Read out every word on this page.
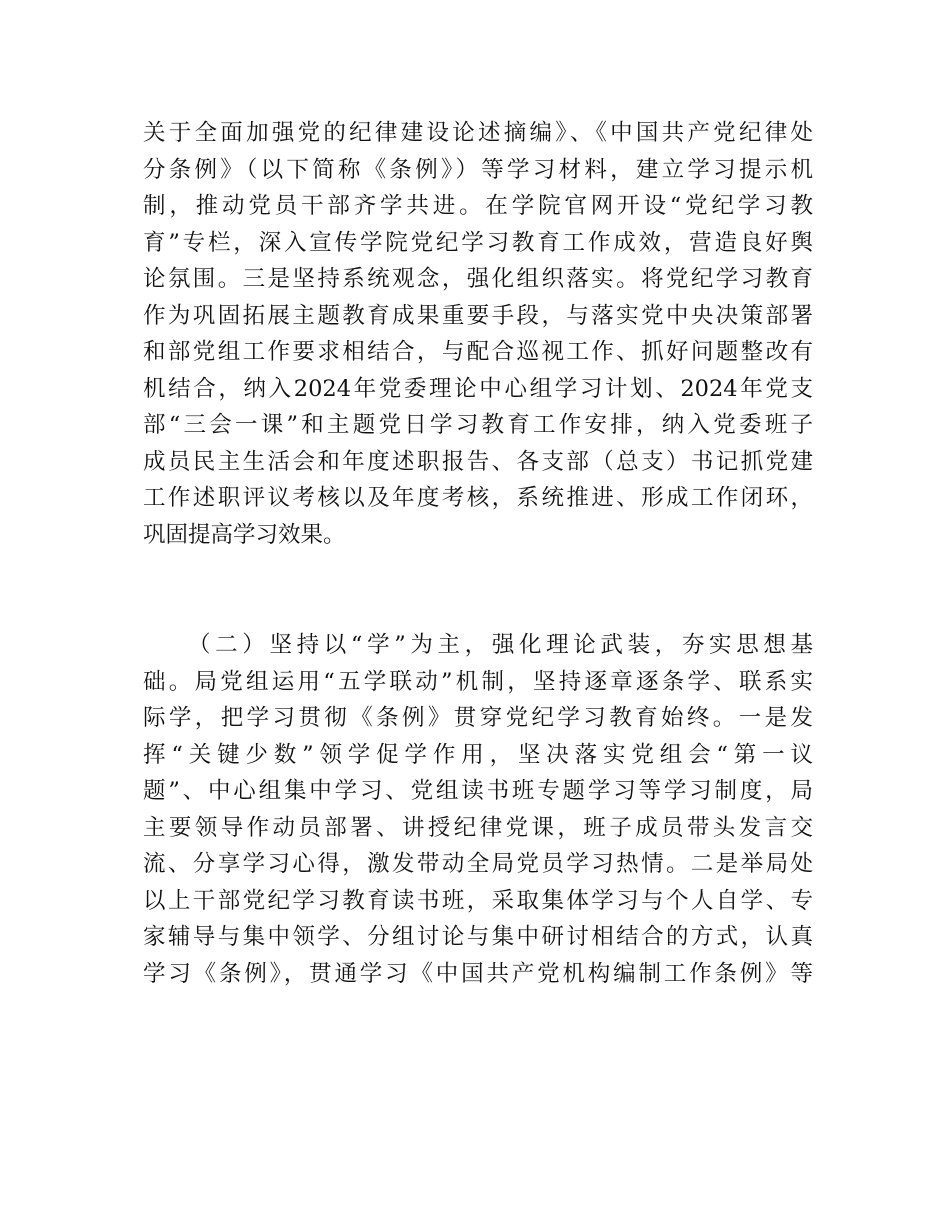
关于全面加强党的纪律建设论述摘编》、《中国共产党纪律处
分条例》（以下简称《条例》）等学习材料，建立学习提示机
制，推动党员干部齐学共进。在学院官网开设“党纪学习教
育”专栏，深入宣传学院党纪学习教育工作成效，营造良好舆
论氛围。三是坚持系统观念，强化组织落实。将党纪学习教育
作为巩固拓展主题教育成果重要手段，与落实党中央决策部署
和部党组工作要求相结合，与配合巡视工作、抓好问题整改有
机结合，纳入2024年党委理论中心组学习计划、2024年党支
部“三会一课”和主题党日学习教育工作安排，纳入党委班子
成员民主生活会和年度述职报告、各支部（总支）书记抓党建
工作述职评议考核以及年度考核，系统推进、形成工作闭环，
巩固提高学习效果。
（二）坚持以“学”为主，强化理论武装，夯实思想基
础。局党组运用“五学联动”机制，坚持逐章逐条学、联系实
际学，把学习贯彻《条例》贯穿党纪学习教育始终。一是发
挥“关键少数”领学促学作用，坚决落实党组会“第一议
题”、中心组集中学习、党组读书班专题学习等学习制度，局
主要领导作动员部署、讲授纪律党课，班子成员带头发言交
流、分享学习心得，激发带动全局党员学习热情。二是举局处
以上干部党纪学习教育读书班，采取集体学习与个人自学、专
家辅导与集中领学、分组讨论与集中研讨相结合的方式，认真
学习《条例》，贯通学习《中国共产党机构编制工作条例》等
